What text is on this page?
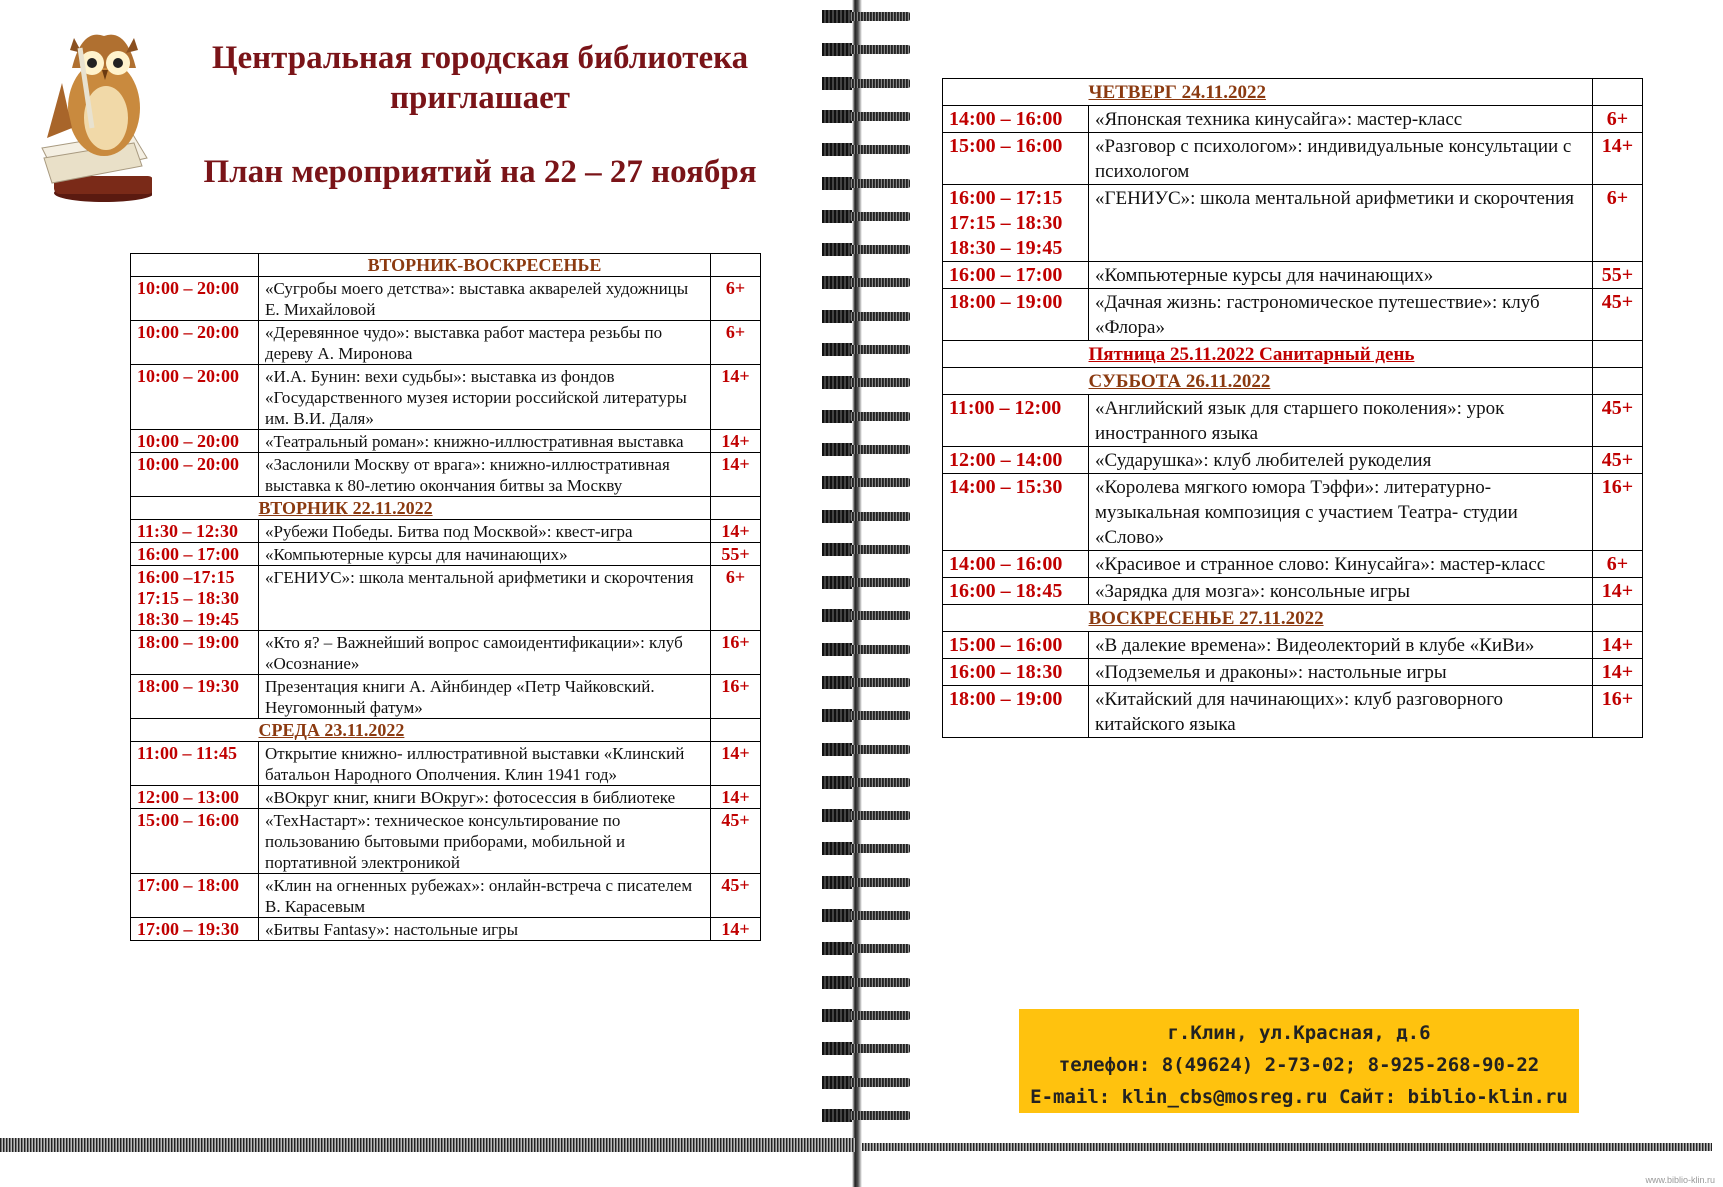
Центральная городская библиотека
приглашает
План мероприятий на 22 – 27 ноября
	ВТОРНИК-ВОСКРЕСЕНЬЕ	
10:00 – 20:00	«Сугробы моего детства»: выставка акварелей художницы Е. Михайловой	6+
10:00 – 20:00	«Деревянное чудо»: выставка работ мастера резьбы по дереву А. Миронова	6+
10:00 – 20:00	«И.А. Бунин: вехи судьбы»: выставка из фондов «Государственного музея истории российской литературы им. В.И. Даля»	14+
10:00 – 20:00	«Театральный роман»: книжно-иллюстративная выставка	14+
10:00 – 20:00	«Заслонили Москву от врага»: книжно-иллюстративная выставка к 80-летию окончания битвы за Москву	14+
	ВТОРНИК 22.11.2022	
11:30 – 12:30	«Рубежи Победы. Битва под Москвой»: квест-игра	14+
16:00 – 17:00	«Компьютерные курсы для начинающих»	55+
16:00 –17:15
17:15 – 18:30
18:30 – 19:45	«ГЕНИУС»: школа ментальной арифметики и скорочтения	6+
18:00 – 19:00	«Кто я? – Важнейший вопрос самоидентификации»: клуб «Осознание»	16+
18:00 – 19:30	Презентация книги А. Айнбиндер «Петр Чайковский. Неугомонный фатум»	16+
	СРЕДА 23.11.2022	
11:00 – 11:45	Открытие книжно- иллюстративной выставки «Клинский батальон Народного Ополчения. Клин 1941 год»	14+
12:00 – 13:00	«ВОкруг книг, книги ВОкруг»: фотосессия в библиотеке	14+
15:00 – 16:00	«ТехНастарт»: техническое консультирование по пользованию бытовыми приборами, мобильной и портативной электроникой	45+
17:00 – 18:00	«Клин на огненных рубежах»: онлайн-встреча с писателем В. Карасевым	45+
17:00 – 19:30	«Битвы Fantasy»: настольные игры	14+
	ЧЕТВЕРГ 24.11.2022	
14:00 – 16:00	«Японская техника кинусайга»: мастер-класс	6+
15:00 – 16:00	«Разговор с психологом»: индивидуальные консультации с психологом	14+
16:00 – 17:15
17:15 – 18:30
18:30 – 19:45	«ГЕНИУС»: школа ментальной арифметики и скорочтения	6+
16:00 – 17:00	«Компьютерные курсы для начинающих»	55+
18:00 – 19:00	«Дачная жизнь: гастрономическое путешествие»: клуб «Флора»	45+
	Пятница 25.11.2022 Санитарный день	
	СУББОТА 26.11.2022	
11:00 – 12:00	«Английский язык для старшего поколения»: урок иностранного языка	45+
12:00 – 14:00	«Сударушка»: клуб любителей рукоделия	45+
14:00 – 15:30	«Королева мягкого юмора Тэффи»: литературно-музыкальная композиция с участием Театра- студии «Слово»	16+
14:00 – 16:00	«Красивое и странное слово: Кинусайга»: мастер-класс	6+
16:00 – 18:45	«Зарядка для мозга»: консольные игры	14+
	ВОСКРЕСЕНЬЕ 27.11.2022	
15:00 – 16:00	«В далекие времена»: Видеолекторий в клубе «КиВи»	14+
16:00 – 18:30	«Подземелья и драконы»: настольные игры	14+
18:00 – 19:00	«Китайский для начинающих»: клуб разговорного китайского языка	16+
г.Клин, ул.Красная, д.6
телефон: 8(49624) 2-73-02; 8-925-268-90-22
E-mail: klin_cbs@mosreg.ru Сайт: biblio-klin.ru
www.biblio-klin.ru
